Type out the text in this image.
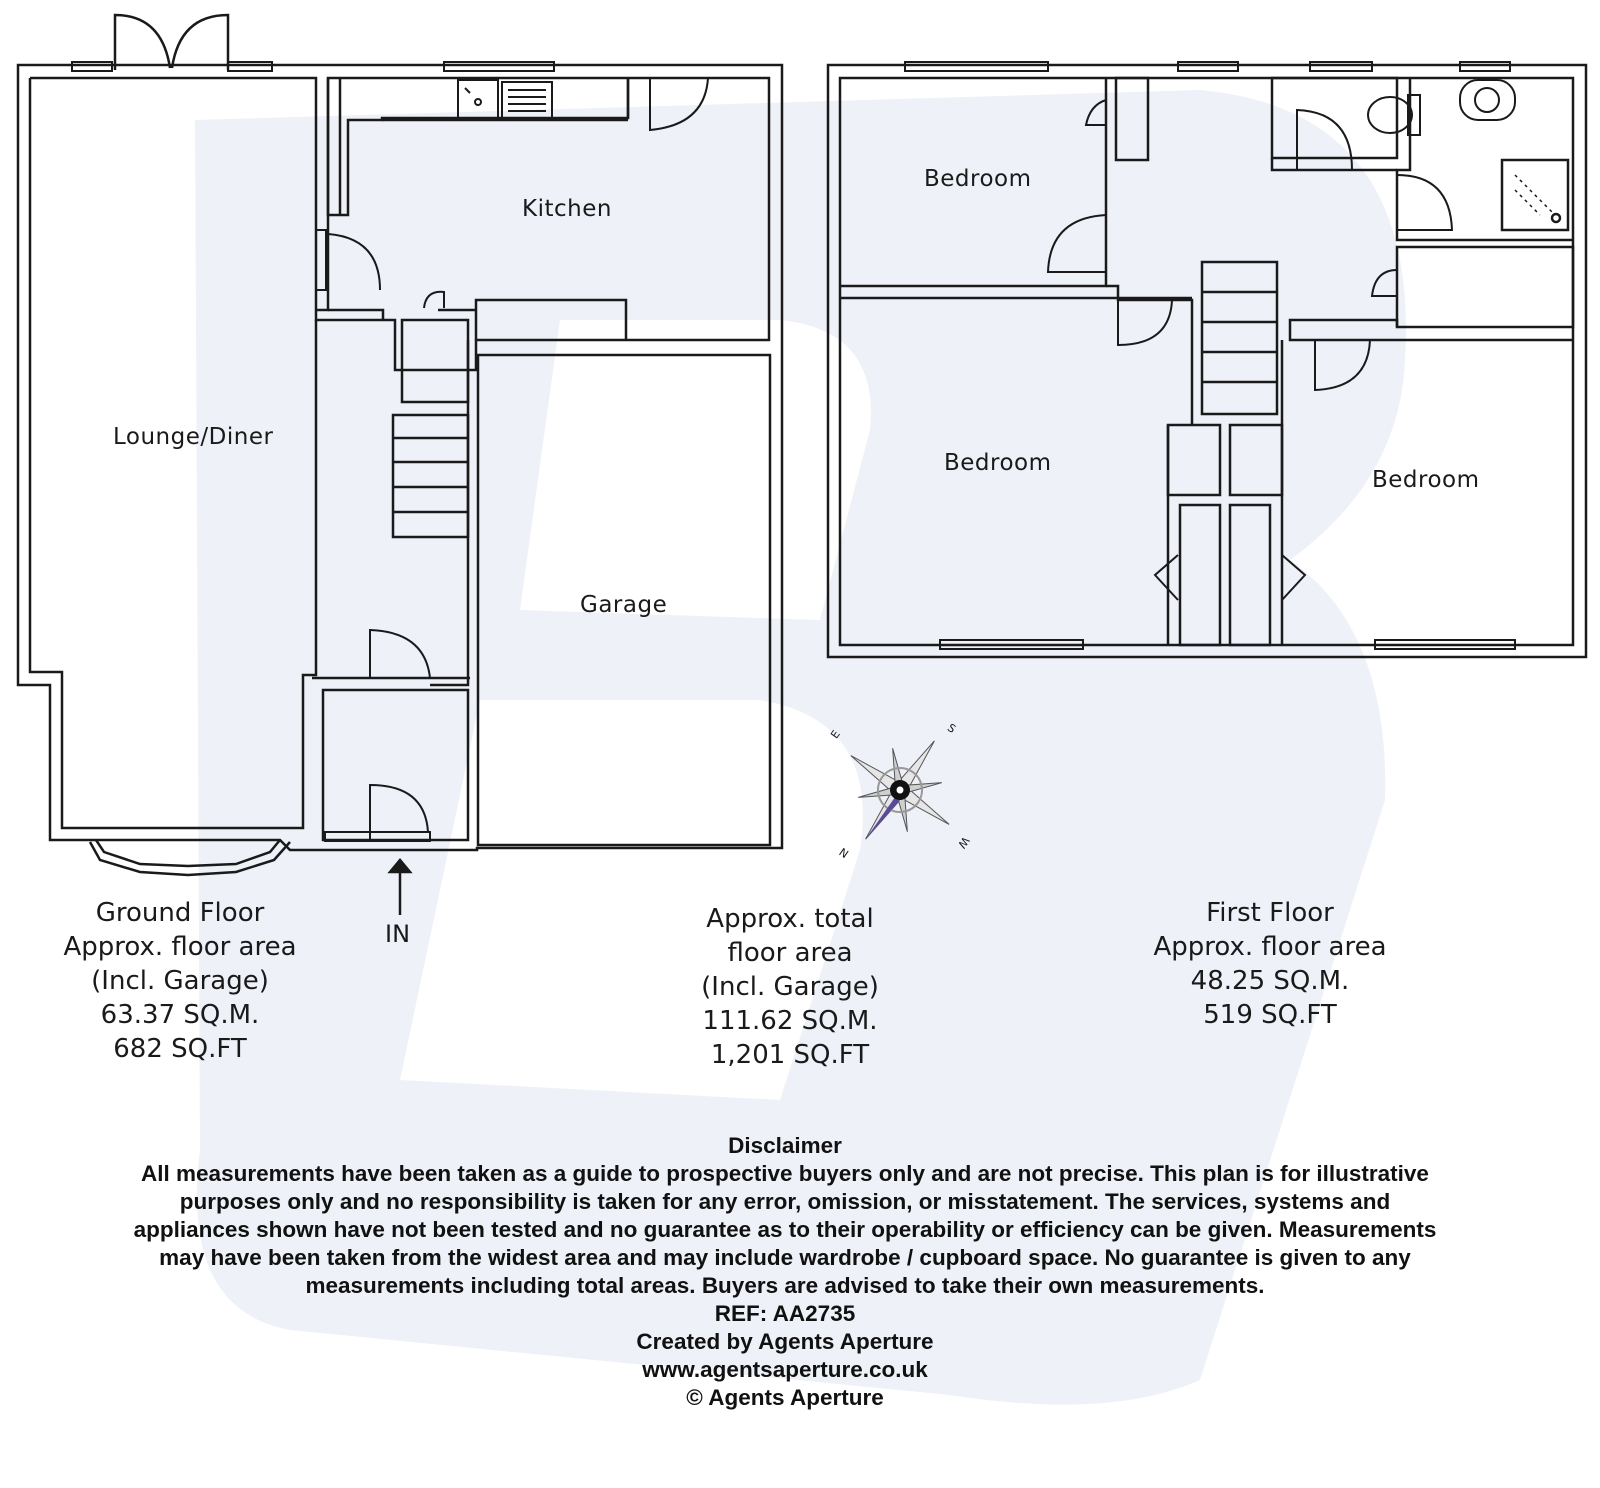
Lounge/Diner
Kitchen
Garage
Bedroom
Bedroom
Bedroom
IN
E	S
W
N
Ground Floor
Approx. floor area
(Incl. Garage)
63.37 SQ.M.
682 SQ.FT
Approx. total
floor area
(Incl. Garage)
111.62 SQ.M.
1,201 SQ.FT
First Floor
Approx. floor area
48.25 SQ.M.
519 SQ.FT
Disclaimer
All measurements have been taken as a guide to prospective buyers only and are not precise. This plan is for illustrative purposes only and no responsibility is taken for any error, omission, or misstatement. The services, systems and appliances shown have not been tested and no guarantee as to their operability or efficiency can be given. Measurements may have been taken from the widest area and may include wardrobe / cupboard space. No guarantee is given to any measurements including total areas. Buyers are advised to take their own measurements.
REF: AA2735
Created by Agents Aperture
www.agentsaperture.co.uk
© Agents Aperture
